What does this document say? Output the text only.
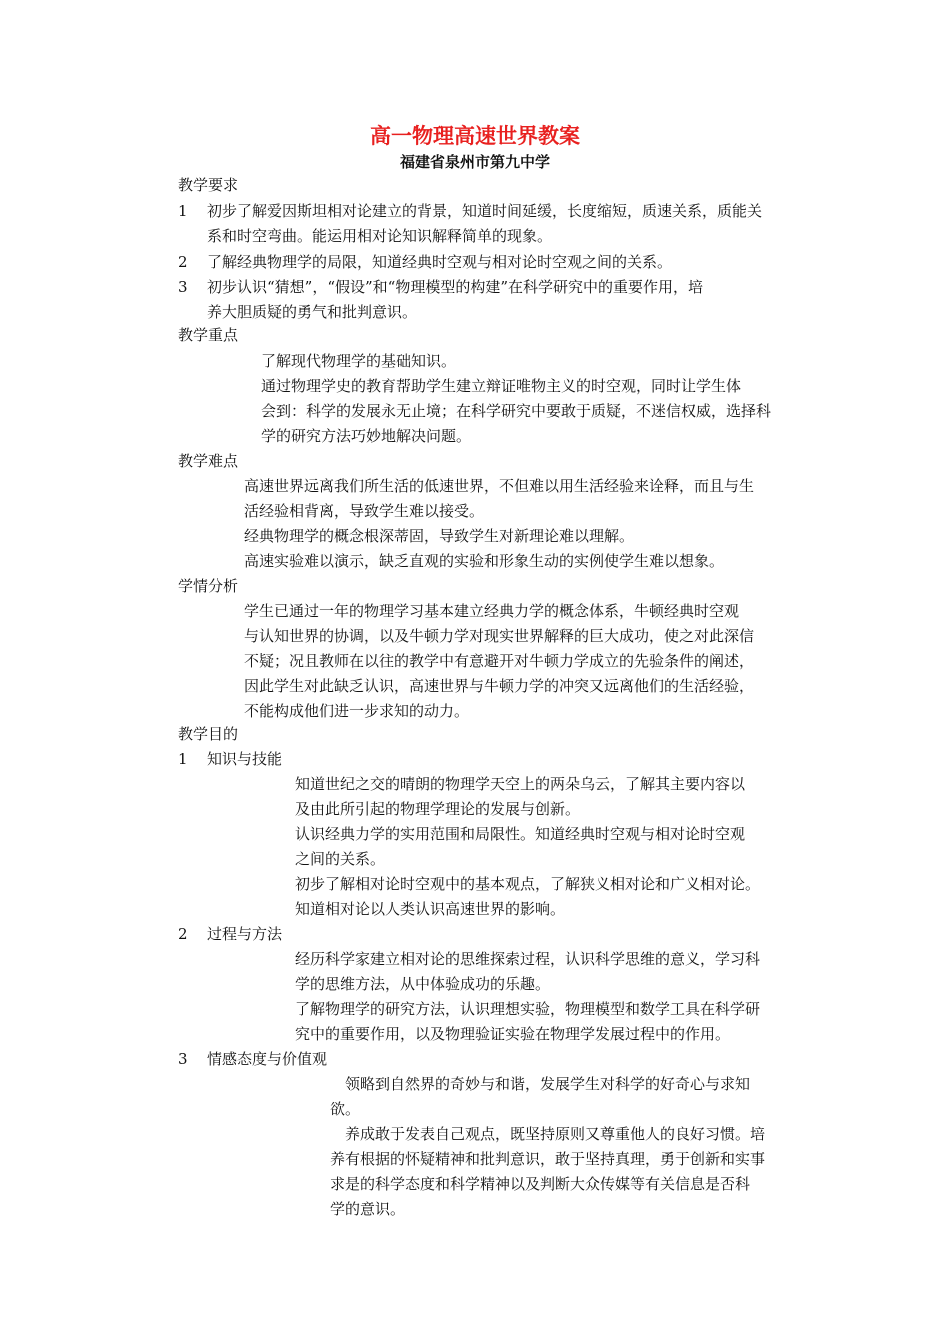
高一物理高速世界教案
福建省泉州市第九中学
教学要求
1 初步了解爱因斯坦相对论建立的背景，知道时间延缓，长度缩短，质速关系，质能关
系和时空弯曲。能运用相对论知识解释简单的现象。
2 了解经典物理学的局限，知道经典时空观与相对论时空观之间的关系。
3 初步认识“猜想”，“假设”和“物理模型的构建”在科学研究中的重要作用，培
养大胆质疑的勇气和批判意识。
教学重点
了解现代物理学的基础知识。
通过物理学史的教育帮助学生建立辩证唯物主义的时空观，同时让学生体
会到：科学的发展永无止境；在科学研究中要敢于质疑，不迷信权威，选择科
学的研究方法巧妙地解决问题。
教学难点
高速世界远离我们所生活的低速世界，不但难以用生活经验来诠释，而且与生
活经验相背离，导致学生难以接受。
经典物理学的概念根深蒂固，导致学生对新理论难以理解。
高速实验难以演示，缺乏直观的实验和形象生动的实例使学生难以想象。
学情分析
学生已通过一年的物理学习基本建立经典力学的概念体系，牛顿经典时空观
与认知世界的协调，以及牛顿力学对现实世界解释的巨大成功，使之对此深信
不疑；况且教师在以往的教学中有意避开对牛顿力学成立的先验条件的阐述，
因此学生对此缺乏认识，高速世界与牛顿力学的冲突又远离他们的生活经验，
不能构成他们进一步求知的动力。
教学目的
1 知识与技能
知道世纪之交的晴朗的物理学天空上的两朵乌云，了解其主要内容以
及由此所引起的物理学理论的发展与创新。
认识经典力学的实用范围和局限性。知道经典时空观与相对论时空观
之间的关系。
初步了解相对论时空观中的基本观点，了解狭义相对论和广义相对论。
知道相对论以人类认识高速世界的影响。
2 过程与方法
经历科学家建立相对论的思维探索过程，认识科学思维的意义，学习科
学的思维方法，从中体验成功的乐趣。
了解物理学的研究方法，认识理想实验，物理模型和数学工具在科学研
究中的重要作用，以及物理验证实验在物理学发展过程中的作用。
3 情感态度与价值观
领略到自然界的奇妙与和谐，发展学生对科学的好奇心与求知
欲。
养成敢于发表自己观点，既坚持原则又尊重他人的良好习惯。培
养有根据的怀疑精神和批判意识，敢于坚持真理，勇于创新和实事
求是的科学态度和科学精神以及判断大众传媒等有关信息是否科
学的意识。
